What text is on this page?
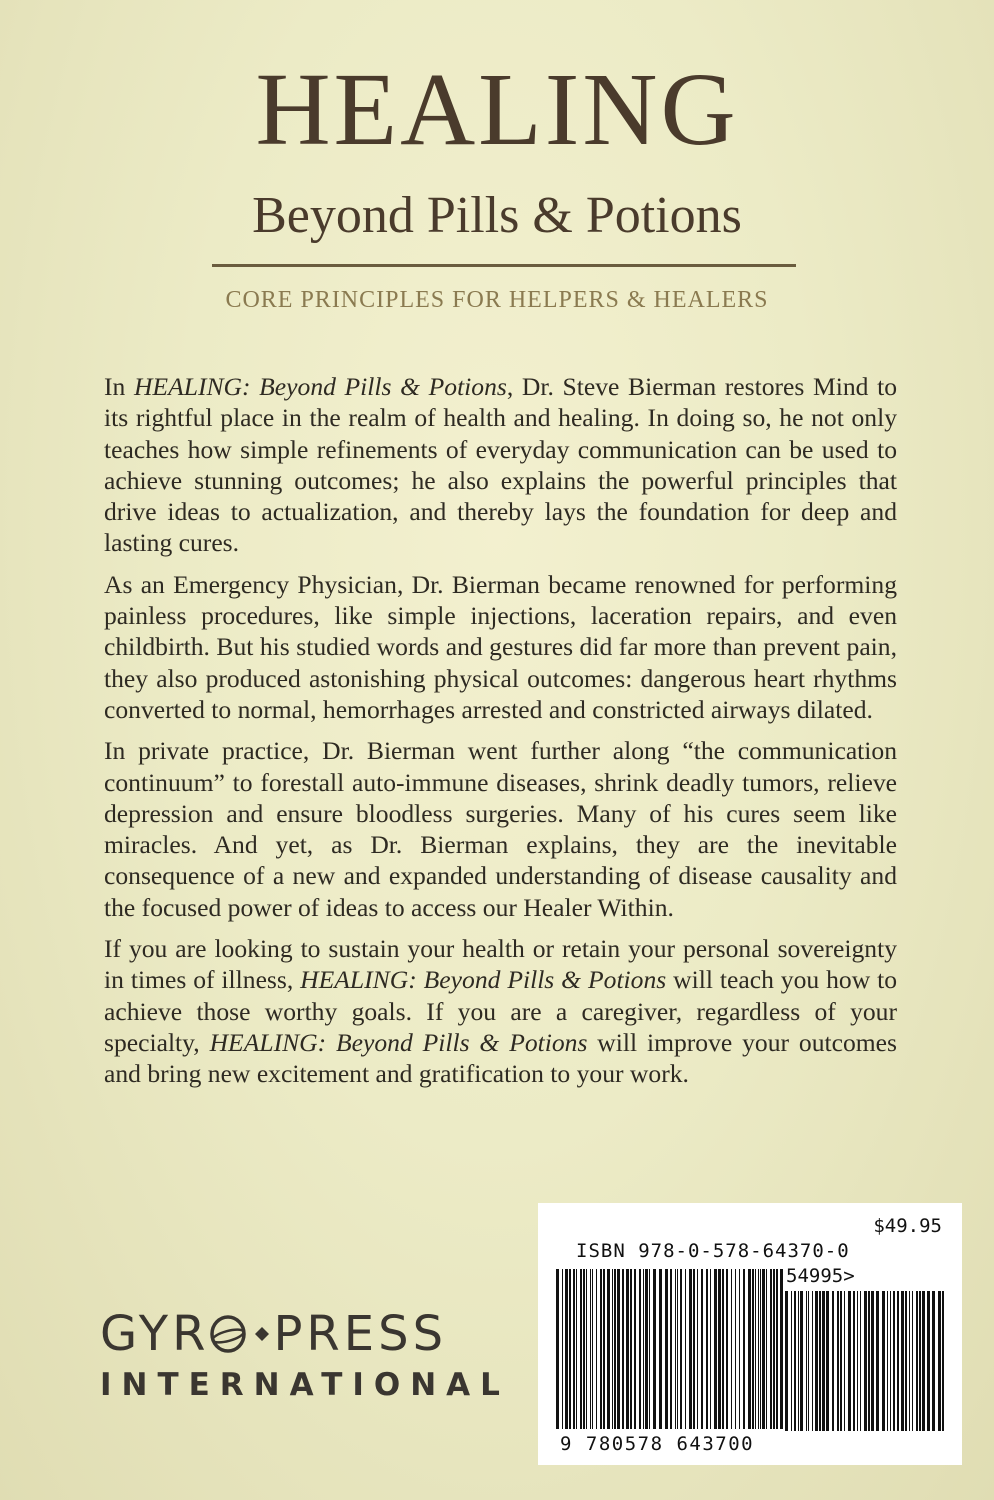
HEALING
Beyond Pills & Potions
CORE PRINCIPLES FOR HELPERS & HEALERS

In HEALING: Beyond Pills & Potions, Dr. Steve Bierman restores Mind to its rightful place in the realm of health and healing. In doing so, he not only teaches how simple refinements of everyday communication can be used to achieve stunning outcomes; he also explains the powerful principles that drive ideas to actualization, and thereby lays the foundation for deep and lasting cures.

As an Emergency Physician, Dr. Bierman became renowned for performing painless procedures, like simple injections, laceration repairs, and even childbirth. But his studied words and gestures did far more than prevent pain, they also produced astonishing physical outcomes: dangerous heart rhythms converted to normal, hemorrhages arrested and constricted airways dilated.

In private practice, Dr. Bierman went further along “the communication continuum” to forestall auto-immune diseases, shrink deadly tumors, relieve depression and ensure bloodless surgeries. Many of his cures seem like miracles. And yet, as Dr. Bierman explains, they are the inevitable consequence of a new and expanded understanding of disease causality and the focused power of ideas to access our Healer Within.

If you are looking to sustain your health or retain your personal sovereignty in times of illness, HEALING: Beyond Pills & Potions will teach you how to achieve those worthy goals. If you are a caregiver, regardless of your specialty, HEALING: Beyond Pills & Potions will improve your outcomes and bring new excitement and gratification to your work.

GYR PRESS
INTERNATIONAL
$49.95
ISBN 978-0-578-64370-0
54995>
9 780578 643700
